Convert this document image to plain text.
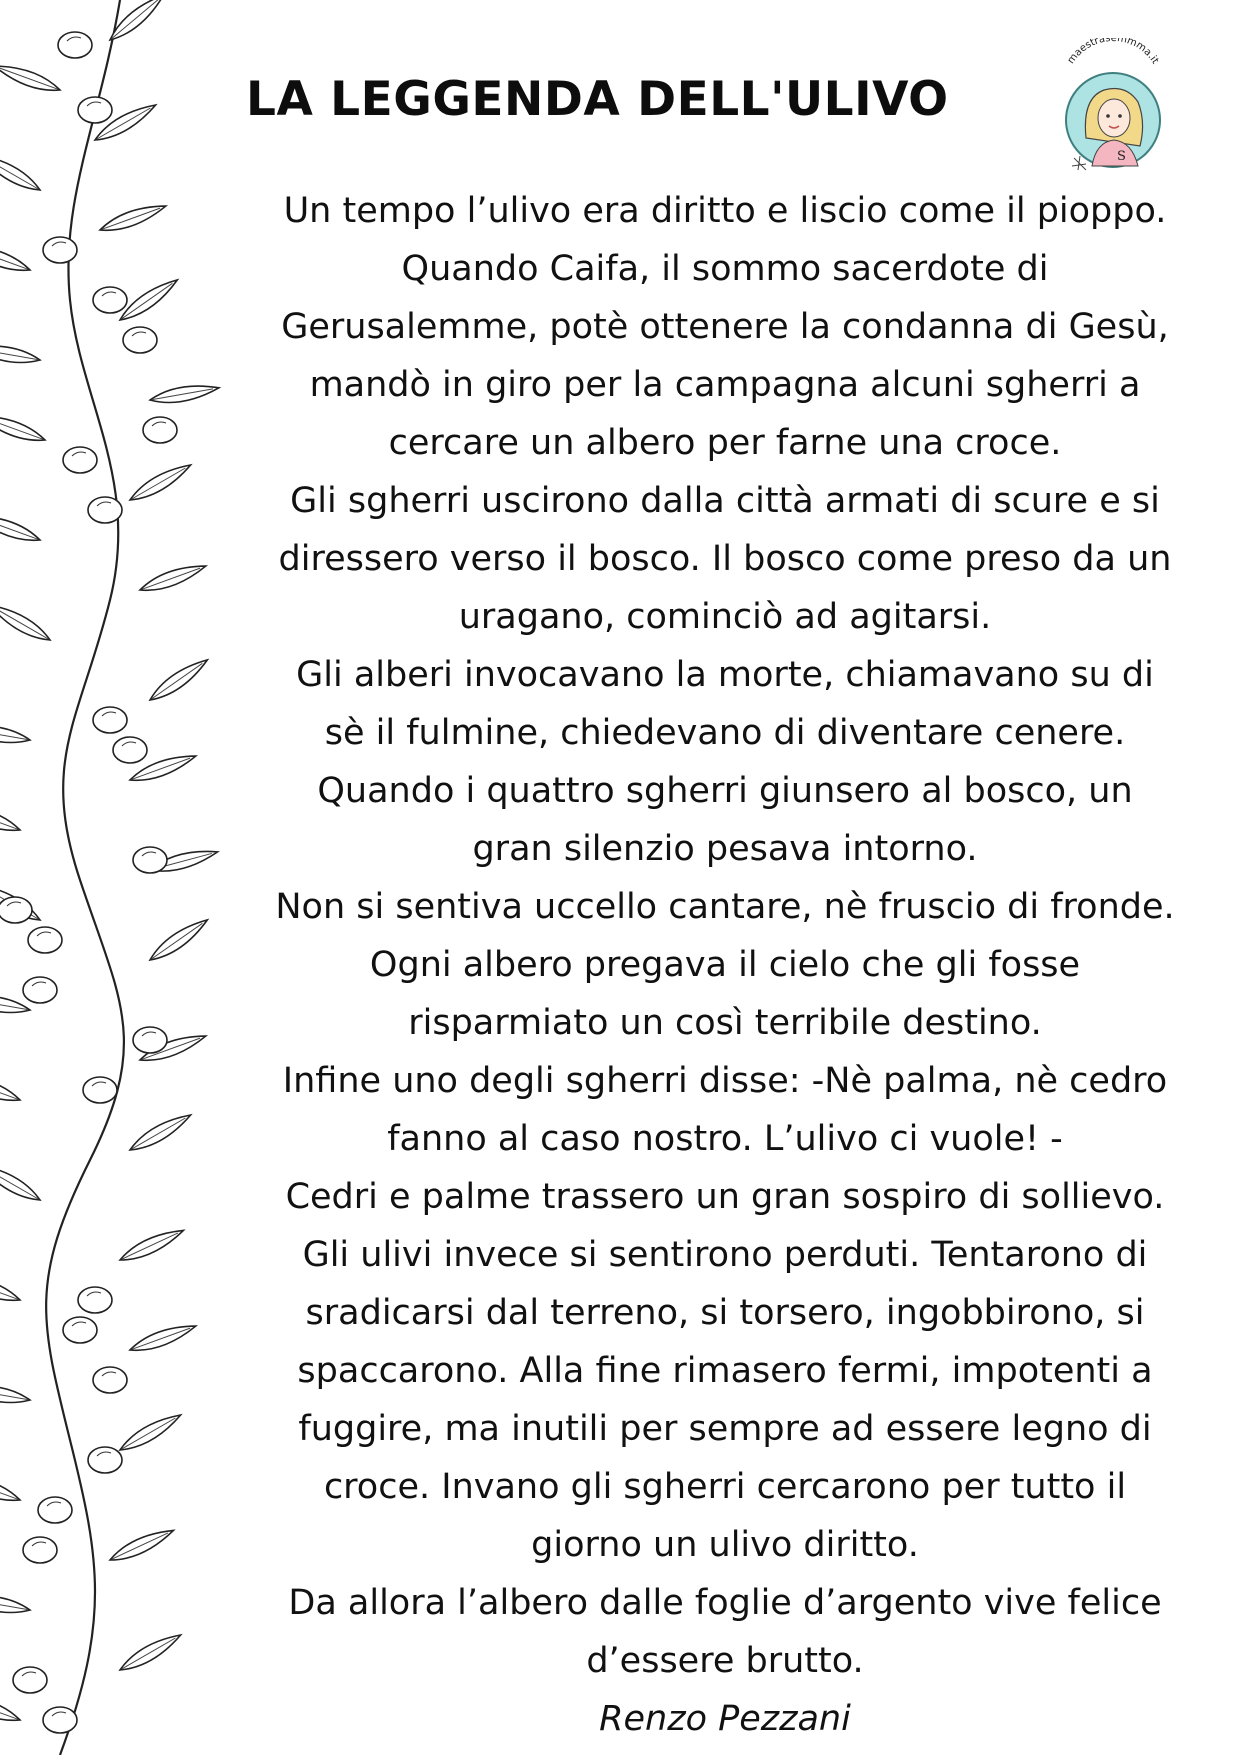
LA LEGGENDA DELL'ULIVO
maestrasemmma.it
S
Un tempo l’ulivo era diritto e liscio come il pioppo.
Quando Caifa, il sommo sacerdote di
Gerusalemme, potè ottenere la condanna di Gesù,
mandò in giro per la campagna alcuni sgherri a
cercare un albero per farne una croce.
Gli sgherri uscirono dalla città armati di scure e si
diressero verso il bosco. Il bosco come preso da un
uragano, cominciò ad agitarsi.
Gli alberi invocavano la morte, chiamavano su di
sè il fulmine, chiedevano di diventare cenere.
Quando i quattro sgherri giunsero al bosco, un
gran silenzio pesava intorno.
Non si sentiva uccello cantare, nè fruscio di fronde.
Ogni albero pregava il cielo che gli fosse
risparmiato un così terribile destino.
Infine uno degli sgherri disse: -Nè palma, nè cedro
fanno al caso nostro. L’ulivo ci vuole! -
Cedri e palme trassero un gran sospiro di sollievo.
Gli ulivi invece si sentirono perduti. Tentarono di
sradicarsi dal terreno, si torsero, ingobbirono, si
spaccarono. Alla fine rimasero fermi, impotenti a
fuggire, ma inutili per sempre ad essere legno di
croce. Invano gli sgherri cercarono per tutto il
giorno un ulivo diritto.
Da allora l’albero dalle foglie d’argento vive felice
d’essere brutto.
Renzo Pezzani
